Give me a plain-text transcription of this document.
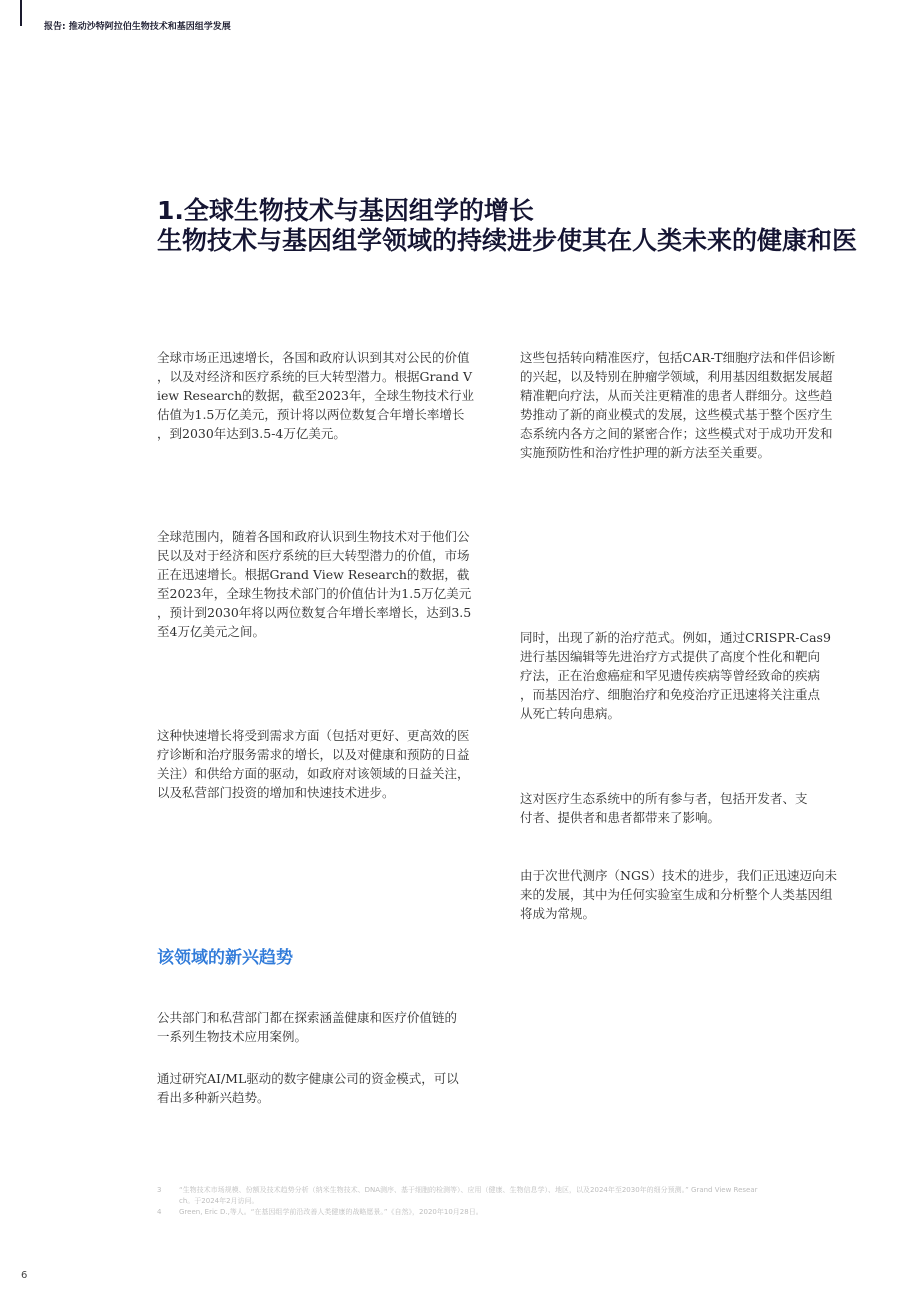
报告: 推动沙特阿拉伯生物技术和基因组学发展
1.全球生物技术与基因组学的增长
生物技术与基因组学领域的持续进步使其在人类未来的健康和医
全球市场正迅速增长，各国和政府认识到其对公民的价值
，以及对经济和医疗系统的巨大转型潜力。根据Grand V
iew Research的数据，截至2023年，全球生物技术行业
估值为1.5万亿美元，预计将以两位数复合年增长率增长
，到2030年达到3.5-4万亿美元。
全球范围内，随着各国和政府认识到生物技术对于他们公
民以及对于经济和医疗系统的巨大转型潜力的价值，市场
正在迅速增长。根据Grand View Research的数据，截
至2023年，全球生物技术部门的价值估计为1.5万亿美元
，预计到2030年将以两位数复合年增长率增长，达到3.5
至4万亿美元之间。
这种快速增长将受到需求方面（包括对更好、更高效的医
疗诊断和治疗服务需求的增长，以及对健康和预防的日益
关注）和供给方面的驱动，如政府对该领域的日益关注，
以及私营部门投资的增加和快速技术进步。
这些包括转向精准医疗，包括CAR-T细胞疗法和伴侣诊断
的兴起，以及特别在肿瘤学领域，利用基因组数据发展超
精准靶向疗法，从而关注更精准的患者人群细分。这些趋
势推动了新的商业模式的发展，这些模式基于整个医疗生
态系统内各方之间的紧密合作；这些模式对于成功开发和
实施预防性和治疗性护理的新方法至关重要。
同时，出现了新的治疗范式。例如，通过CRISPR-Cas9
进行基因编辑等先进治疗方式提供了高度个性化和靶向
疗法，正在治愈癌症和罕见遗传疾病等曾经致命的疾病
，而基因治疗、细胞治疗和免疫治疗正迅速将关注重点
从死亡转向患病。
这对医疗生态系统中的所有参与者，包括开发者、支
付者、提供者和患者都带来了影响。
由于次世代测序（NGS）技术的进步，我们正迅速迈向未
来的发展，其中为任何实验室生成和分析整个人类基因组
将成为常规。
该领域的新兴趋势
公共部门和私营部门都在探索涵盖健康和医疗价值链的
一系列生物技术应用案例。
通过研究AI/ML驱动的数字健康公司的资金模式，可以
看出多种新兴趋势。
3	“生物技术市场规模、份额及技术趋势分析（纳米生物技术、DNA测序、基于细胞的检测等）、应用（健康、生物信息学）、地区，以及2024年至2030年的细分预测。” Grand View Resear
ch。于2024年2月访问。
4	Green, Eric D.,等人。“在基因组学前沿改善人类健康的战略愿景。”《自然》，2020年10月28日。
6
